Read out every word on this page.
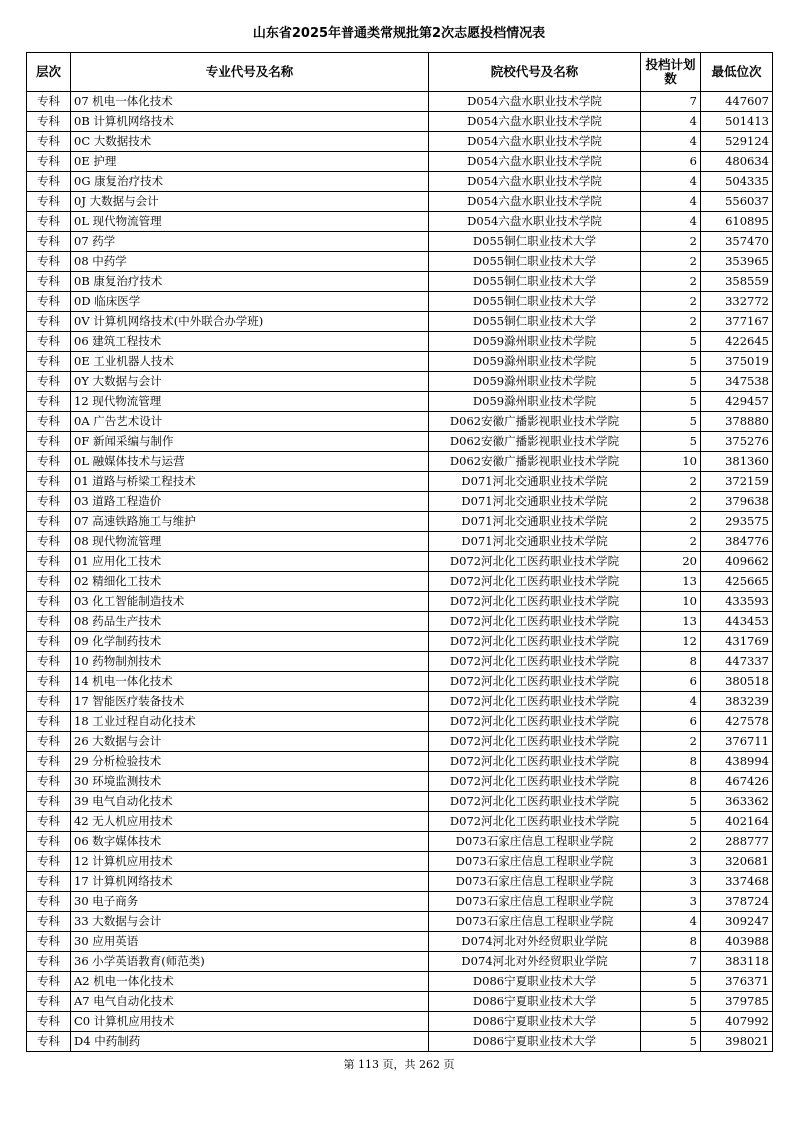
山东省2025年普通类常规批第2次志愿投档情况表
层次	专业代号及名称	院校代号及名称	投档计划数	最低位次
专科	07 机电一体化技术	D054六盘水职业技术学院	7	447607
专科	0B 计算机网络技术	D054六盘水职业技术学院	4	501413
专科	0C 大数据技术	D054六盘水职业技术学院	4	529124
专科	0E 护理	D054六盘水职业技术学院	6	480634
专科	0G 康复治疗技术	D054六盘水职业技术学院	4	504335
专科	0J 大数据与会计	D054六盘水职业技术学院	4	556037
专科	0L 现代物流管理	D054六盘水职业技术学院	4	610895
专科	07 药学	D055铜仁职业技术大学	2	357470
专科	08 中药学	D055铜仁职业技术大学	2	353965
专科	0B 康复治疗技术	D055铜仁职业技术大学	2	358559
专科	0D 临床医学	D055铜仁职业技术大学	2	332772
专科	0V 计算机网络技术(中外联合办学班)	D055铜仁职业技术大学	2	377167
专科	06 建筑工程技术	D059滁州职业技术学院	5	422645
专科	0E 工业机器人技术	D059滁州职业技术学院	5	375019
专科	0Y 大数据与会计	D059滁州职业技术学院	5	347538
专科	12 现代物流管理	D059滁州职业技术学院	5	429457
专科	0A 广告艺术设计	D062安徽广播影视职业技术学院	5	378880
专科	0F 新闻采编与制作	D062安徽广播影视职业技术学院	5	375276
专科	0L 融媒体技术与运营	D062安徽广播影视职业技术学院	10	381360
专科	01 道路与桥梁工程技术	D071河北交通职业技术学院	2	372159
专科	03 道路工程造价	D071河北交通职业技术学院	2	379638
专科	07 高速铁路施工与维护	D071河北交通职业技术学院	2	293575
专科	08 现代物流管理	D071河北交通职业技术学院	2	384776
专科	01 应用化工技术	D072河北化工医药职业技术学院	20	409662
专科	02 精细化工技术	D072河北化工医药职业技术学院	13	425665
专科	03 化工智能制造技术	D072河北化工医药职业技术学院	10	433593
专科	08 药品生产技术	D072河北化工医药职业技术学院	13	443453
专科	09 化学制药技术	D072河北化工医药职业技术学院	12	431769
专科	10 药物制剂技术	D072河北化工医药职业技术学院	8	447337
专科	14 机电一体化技术	D072河北化工医药职业技术学院	6	380518
专科	17 智能医疗装备技术	D072河北化工医药职业技术学院	4	383239
专科	18 工业过程自动化技术	D072河北化工医药职业技术学院	6	427578
专科	26 大数据与会计	D072河北化工医药职业技术学院	2	376711
专科	29 分析检验技术	D072河北化工医药职业技术学院	8	438994
专科	30 环境监测技术	D072河北化工医药职业技术学院	8	467426
专科	39 电气自动化技术	D072河北化工医药职业技术学院	5	363362
专科	42 无人机应用技术	D072河北化工医药职业技术学院	5	402164
专科	06 数字媒体技术	D073石家庄信息工程职业学院	2	288777
专科	12 计算机应用技术	D073石家庄信息工程职业学院	3	320681
专科	17 计算机网络技术	D073石家庄信息工程职业学院	3	337468
专科	30 电子商务	D073石家庄信息工程职业学院	3	378724
专科	33 大数据与会计	D073石家庄信息工程职业学院	4	309247
专科	30 应用英语	D074河北对外经贸职业学院	8	403988
专科	36 小学英语教育(师范类)	D074河北对外经贸职业学院	7	383118
专科	A2 机电一体化技术	D086宁夏职业技术大学	5	376371
专科	A7 电气自动化技术	D086宁夏职业技术大学	5	379785
专科	C0 计算机应用技术	D086宁夏职业技术大学	5	407992
专科	D4 中药制药	D086宁夏职业技术大学	5	398021
第 113 页，共 262 页
